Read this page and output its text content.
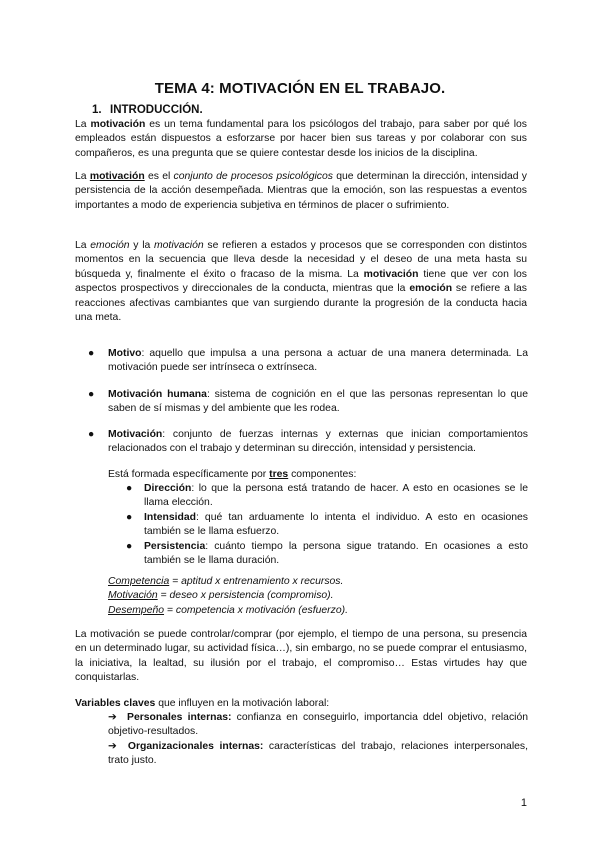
TEMA 4: MOTIVACIÓN EN EL TRABAJO.
1. INTRODUCCIÓN.
La motivación es un tema fundamental para los psicólogos del trabajo, para saber por qué los empleados están dispuestos a esforzarse por hacer bien sus tareas y por colaborar con sus compañeros, es una pregunta que se quiere contestar desde los inicios de la disciplina.
La motivación es el conjunto de procesos psicológicos que determinan la dirección, intensidad y persistencia de la acción desempeñada. Mientras que la emoción, son las respuestas a eventos importantes a modo de experiencia subjetiva en términos de placer o sufrimiento.
La emoción y la motivación se refieren a estados y procesos que se corresponden con distintos momentos en la secuencia que lleva desde la necesidad y el deseo de una meta hasta su búsqueda y, finalmente el éxito o fracaso de la misma. La motivación tiene que ver con los aspectos prospectivos y direccionales de la conducta, mientras que la emoción se refiere a las reacciones afectivas cambiantes que van surgiendo durante la progresión de la conducta hacia una meta.
● Motivo: aquello que impulsa a una persona a actuar de una manera determinada. La motivación puede ser intrínseca o extrínseca.
● Motivación humana: sistema de cognición en el que las personas representan lo que saben de sí mismas y del ambiente que les rodea.
● Motivación: conjunto de fuerzas internas y externas que inician comportamientos relacionados con el trabajo y determinan su dirección, intensidad y persistencia.
Está formada específicamente por tres componentes:
● Dirección: lo que la persona está tratando de hacer. A esto en ocasiones se le llama elección.
● Intensidad: qué tan arduamente lo intenta el individuo. A esto en ocasiones también se le llama esfuerzo.
● Persistencia: cuánto tiempo la persona sigue tratando. En ocasiones a esto también se le llama duración.
Competencia = aptitud x entrenamiento x recursos.
Motivación = deseo x persistencia (compromiso).
Desempeño = competencia x motivación (esfuerzo).
La motivación se puede controlar/comprar (por ejemplo, el tiempo de una persona, su presencia en un determinado lugar, su actividad física…), sin embargo, no se puede comprar el entusiasmo, la iniciativa, la lealtad, su ilusión por el trabajo, el compromiso… Estas virtudes hay que conquistarlas.
Variables claves que influyen en la motivación laboral:
➔ Personales internas: confianza en conseguirlo, importancia ddel objetivo, relación objetivo-resultados.
➔ Organizacionales internas: características del trabajo, relaciones interpersonales, trato justo.
1
